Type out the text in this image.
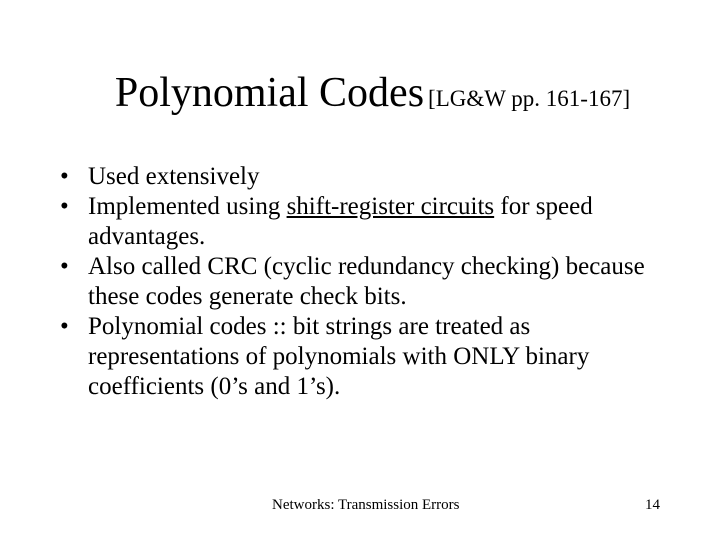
Polynomial Codes [LG&W pp. 161-167]
• Used extensively
• Implemented using shift-register circuits for speed advantages.
• Also called CRC (cyclic redundancy checking) because these codes generate check bits.
• Polynomial codes :: bit strings are treated as representations of polynomials with ONLY binary coefficients (0’s and 1’s).
Networks: Transmission Errors	14
